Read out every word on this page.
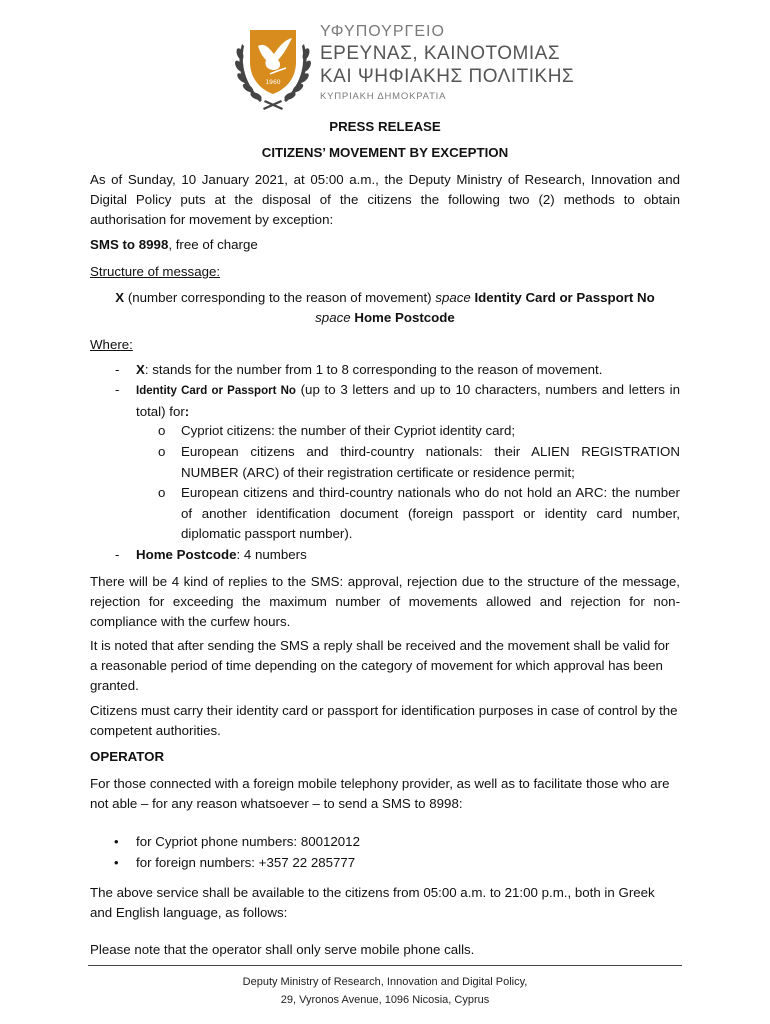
1960
ΥΦΥΠΟΥΡΓΕΙΟ
ΕΡΕΥΝΑΣ, ΚΑΙΝΟΤΟΜΙΑΣ
ΚΑΙ ΨΗΦΙΑΚΗΣ ΠΟΛΙΤΙΚΗΣ
ΚΥΠΡΙΑΚΗ ΔΗΜΟΚΡΑΤΙΑ
PRESS RELEASE
CITIZENS’ MOVEMENT BY EXCEPTION
As of Sunday, 10 January 2021, at 05:00 a.m., the Deputy Ministry of Research, Innovation and Digital Policy puts at the disposal of the citizens the following two (2) methods to obtain authorisation for movement by exception:
SMS to 8998, free of charge
Structure of message:
X (number corresponding to the reason of movement) space Identity Card or Passport No
space Home Postcode
Where:
- X: stands for the number from 1 to 8 corresponding to the reason of movement.
- Identity Card or Passport No (up to 3 letters and up to 10 characters, numbers and letters in total) for:
o Cypriot citizens: the number of their Cypriot identity card;
o European citizens and third-country nationals: their ALIEN REGISTRATION NUMBER (ARC) of their registration certificate or residence permit;
o European citizens and third-country nationals who do not hold an ARC: the number of another identification document (foreign passport or identity card number, diplomatic passport number).
- Home Postcode: 4 numbers
There will be 4 kind of replies to the SMS: approval, rejection due to the structure of the message, rejection for exceeding the maximum number of movements allowed and rejection for non-compliance with the curfew hours.
It is noted that after sending the SMS a reply shall be received and the movement shall be valid for a reasonable period of time depending on the category of movement for which approval has been granted.
Citizens must carry their identity card or passport for identification purposes in case of control by the competent authorities.
OPERATOR
For those connected with a foreign mobile telephony provider, as well as to facilitate those who are not able – for any reason whatsoever – to send a SMS to 8998:
• for Cypriot phone numbers: 80012012
• for foreign numbers: +357 22 285777
The above service shall be available to the citizens from 05:00 a.m. to 21:00 p.m., both in Greek and English language, as follows:
Please note that the operator shall only serve mobile phone calls.
Deputy Ministry of Research, Innovation and Digital Policy,
29, Vyronos Avenue, 1096 Nicosia, Cyprus
